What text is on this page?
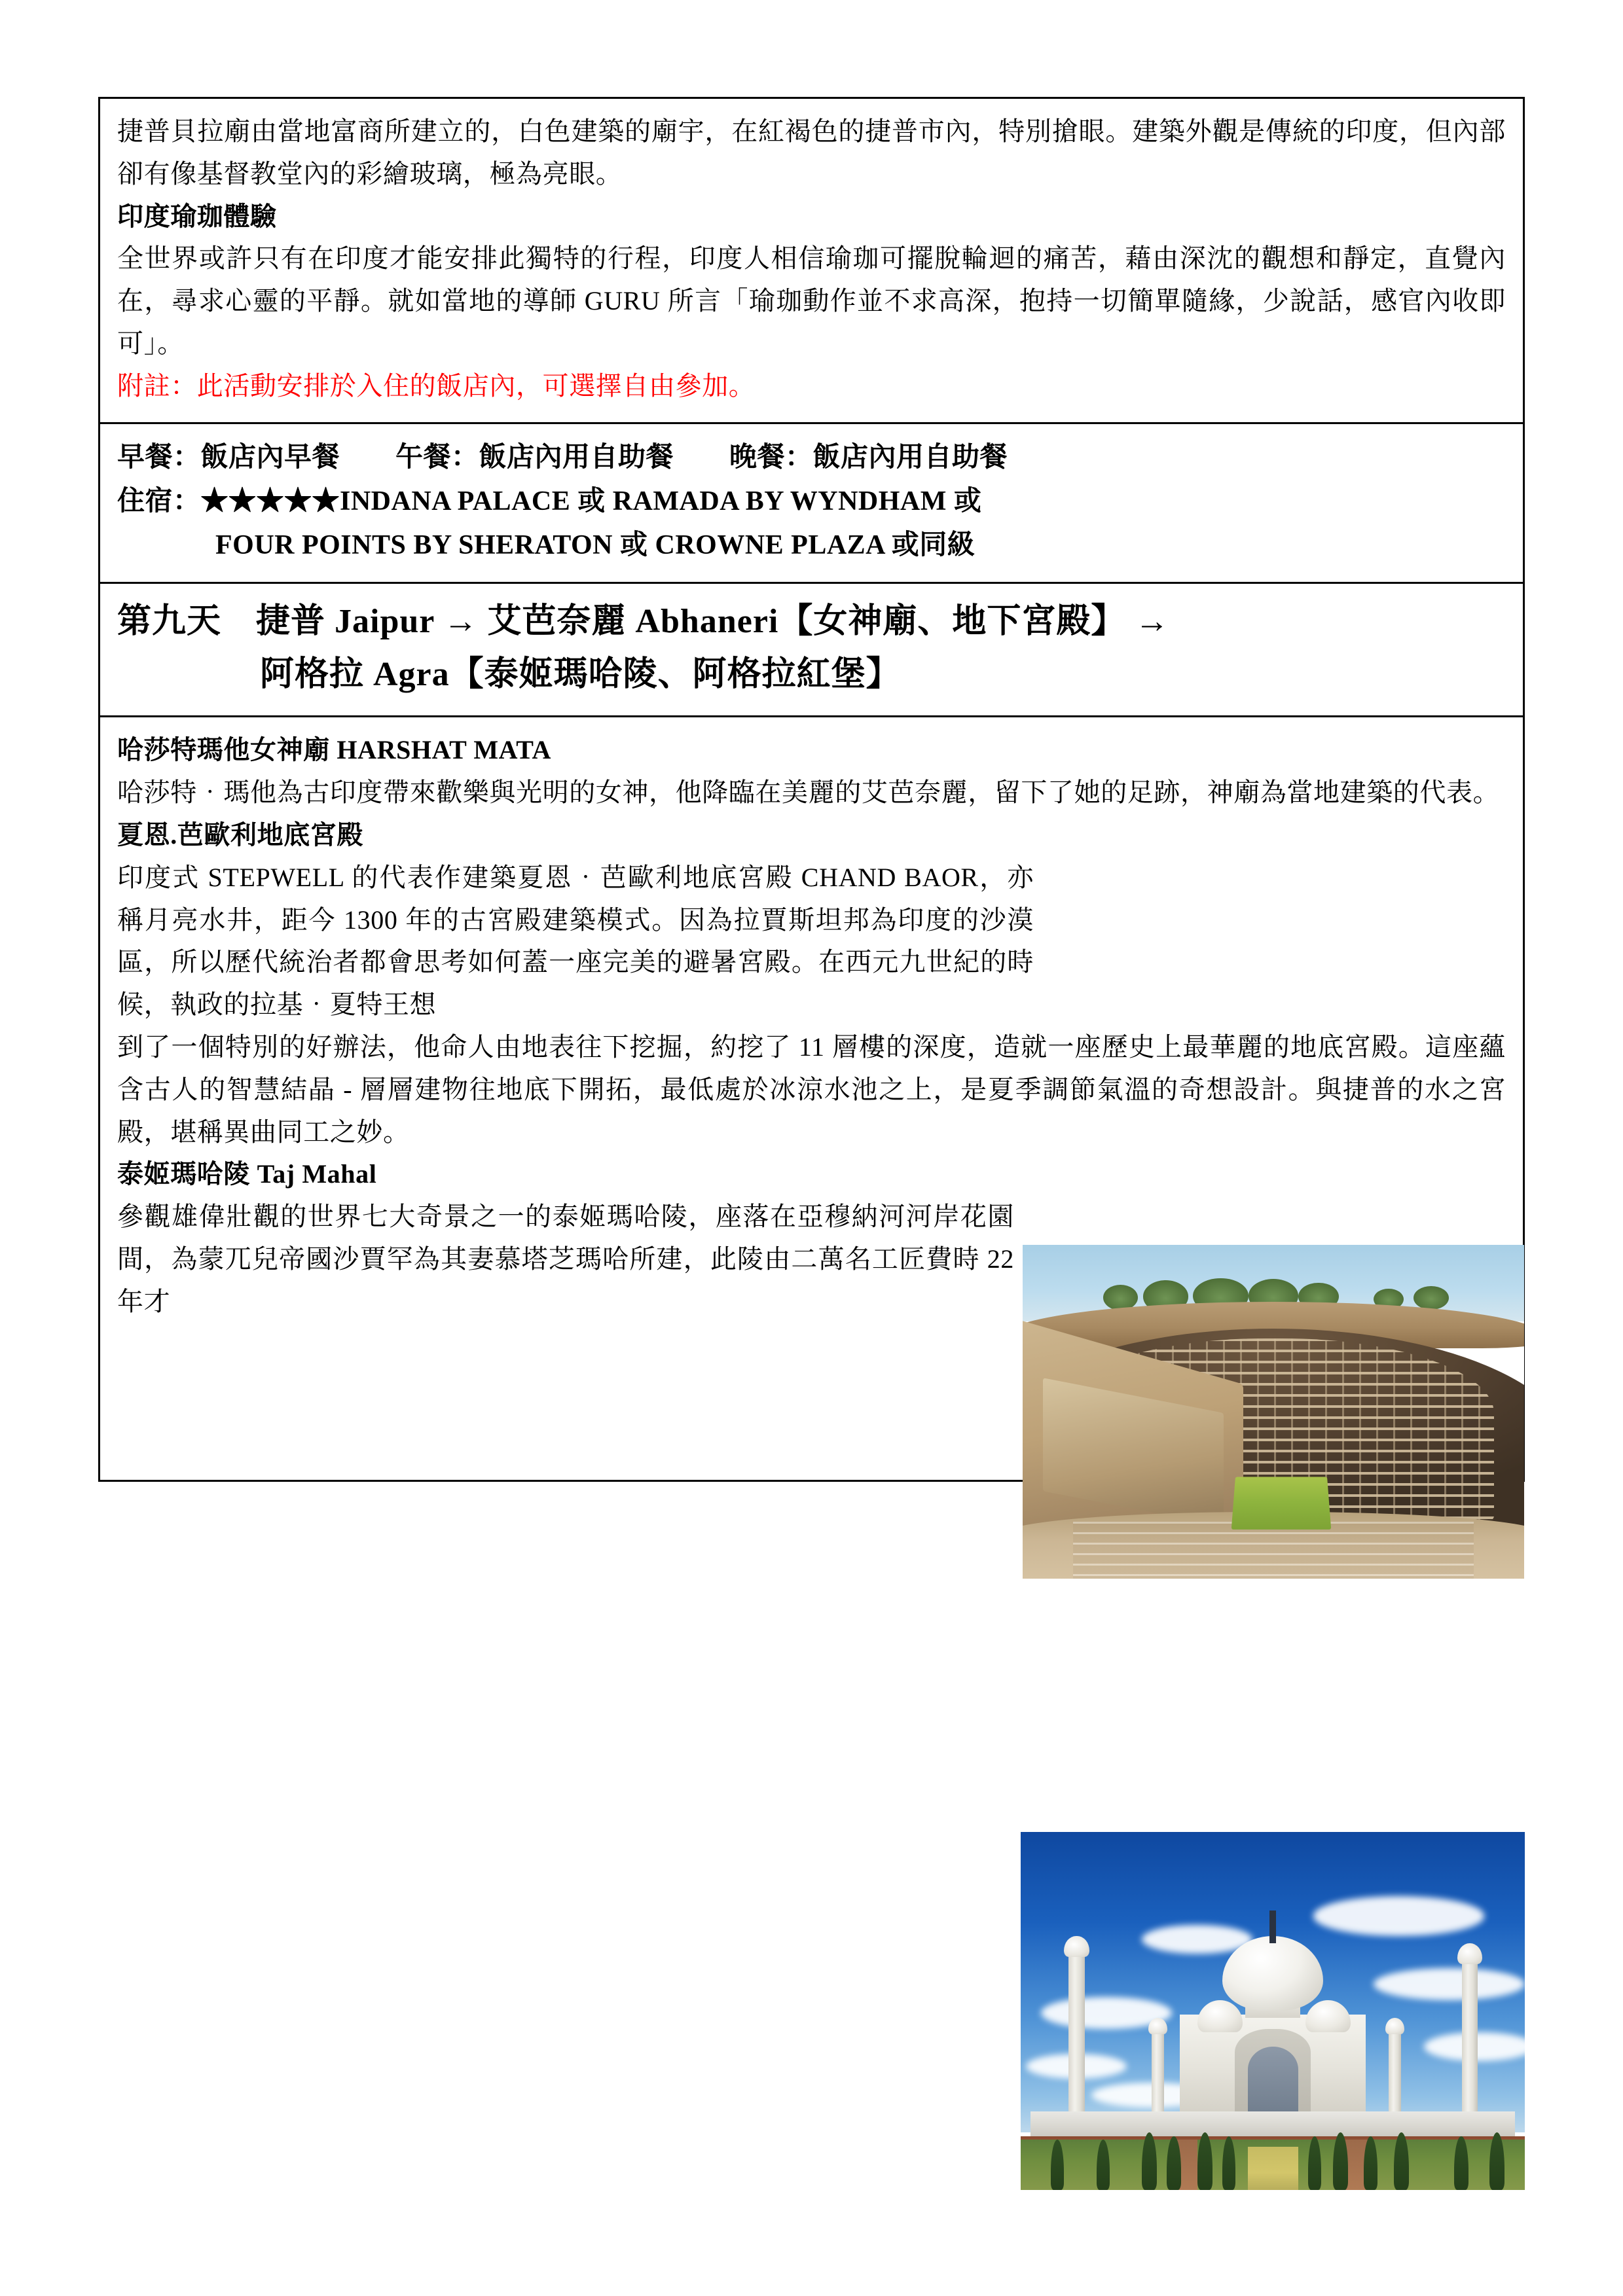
捷普貝拉廟由當地富商所建立的，白色建築的廟宇，在紅褐色的捷普市內，特別搶眼。建築外觀是傳統的印度，但內部卻有像基督教堂內的彩繪玻璃，極為亮眼。

印度瑜珈體驗

全世界或許只有在印度才能安排此獨特的行程，印度人相信瑜珈可擺脫輪迴的痛苦，藉由深沈的觀想和靜定，直覺內在，尋求心靈的平靜。就如當地的導師 GURU 所言「瑜珈動作並不求高深，抱持一切簡單隨緣，少說話，感官內收即可」。

附註：此活動安排於入住的飯店內，可選擇自由參加。

早餐：飯店內早餐　　午餐：飯店內用自助餐　　晚餐：飯店內用自助餐

住宿：★★★★★INDANA PALACE 或 RAMADA BY WYNDHAM 或
FOUR POINTS BY SHERATON 或 CROWNE PLAZA 或同級

第九天　捷普 Jaipur → 艾芭奈麗 Abhaneri【女神廟、地下宮殿】 →
阿格拉 Agra【泰姬瑪哈陵、阿格拉紅堡】

哈莎特瑪他女神廟 HARSHAT MATA

哈莎特‧瑪他為古印度帶來歡樂與光明的女神，他降臨在美麗的艾芭奈麗，留下了她的足跡，神廟為當地建築的代表。

夏恩.芭歐利地底宮殿

印度式 STEPWELL 的代表作建築夏恩‧芭歐利地底宮殿 CHAND BAOR，亦稱月亮水井，距今 1300 年的古宮殿建築模式。因為拉賈斯坦邦為印度的沙漠區，所以歷代統治者都會思考如何蓋一座完美的避暑宮殿。在西元九世紀的時候，執政的拉基‧夏特王想

到了一個特別的好辦法，他命人由地表往下挖掘，約挖了 11 層樓的深度，造就一座歷史上最華麗的地底宮殿。這座蘊含古人的智慧結晶 - 層層建物往地底下開拓，最低處於冰涼水池之上，是夏季調節氣溫的奇想設計。與捷普的水之宮殿，堪稱異曲同工之妙。

泰姬瑪哈陵 Taj Mahal

參觀雄偉壯觀的世界七大奇景之一的泰姬瑪哈陵，座落在亞穆納河河岸花園間，為蒙兀兒帝國沙賈罕為其妻慕塔芝瑪哈所建，此陵由二萬名工匠費時 22 年才
